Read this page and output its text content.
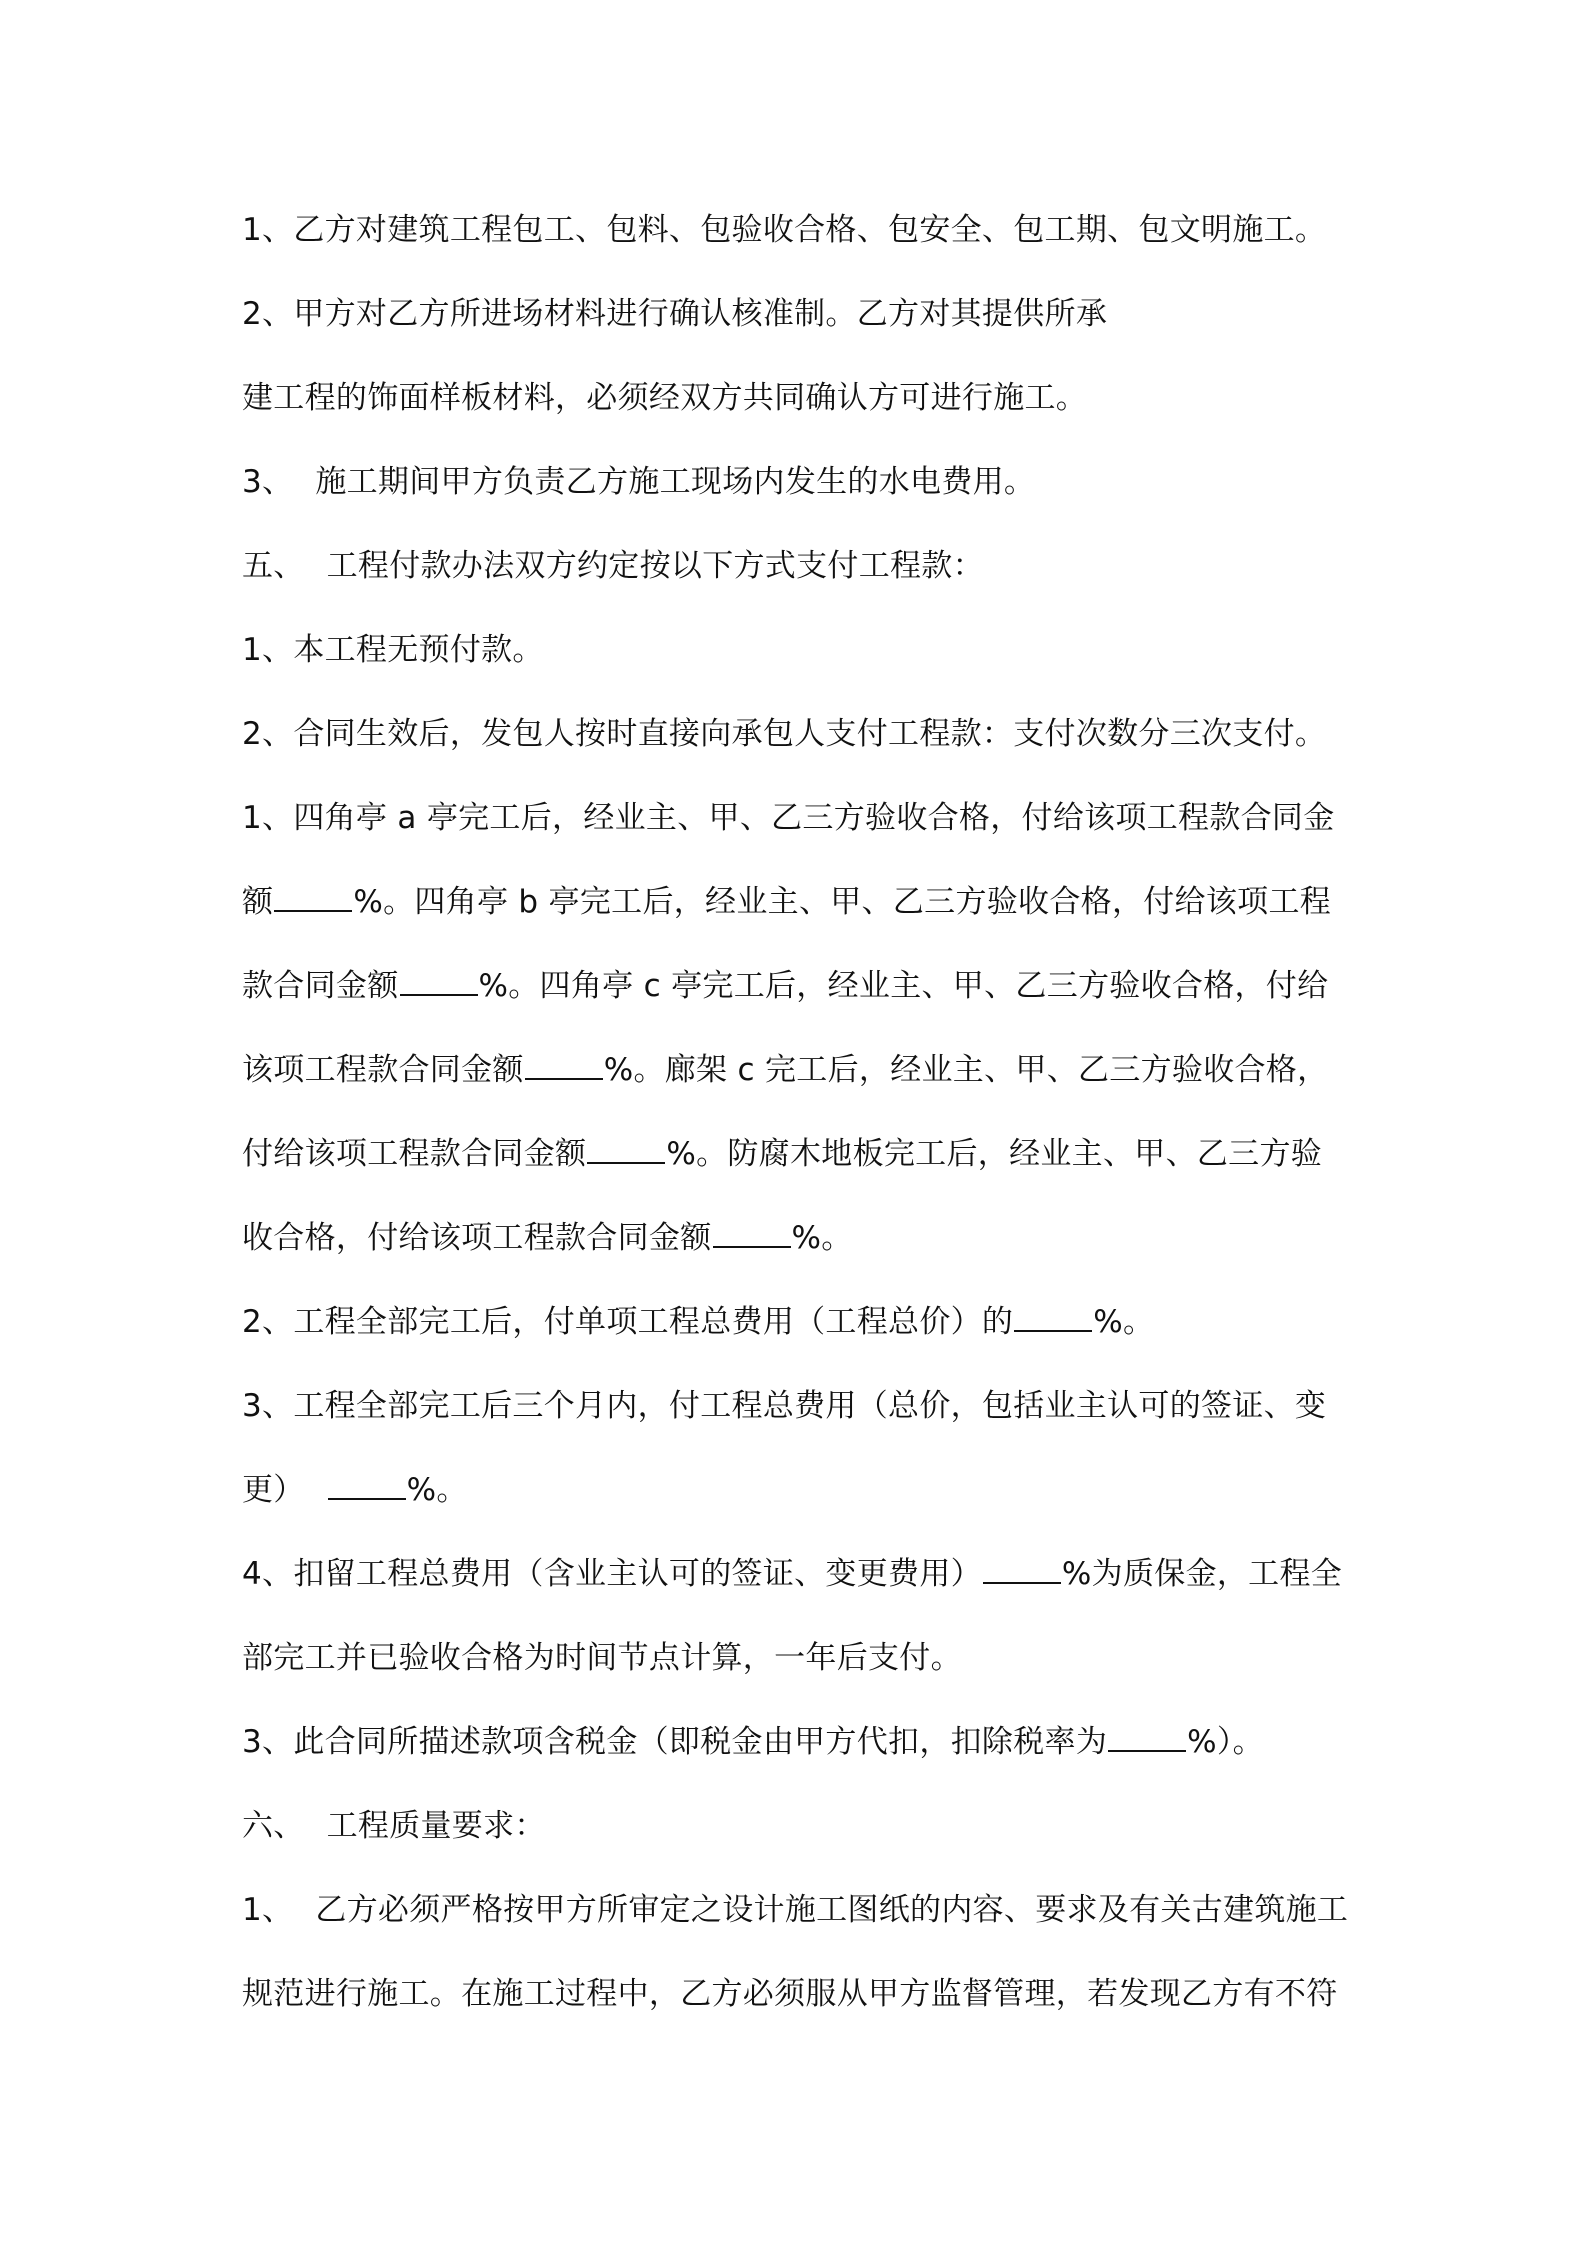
1、乙方对建筑工程包工、包料、包验收合格、包安全、包工期、包文明施工。
2、甲方对乙方所进场材料进行确认核准制。乙方对其提供所承
建工程的饰面样板材料，必须经双方共同确认方可进行施工。
3、 施工期间甲方负责乙方施工现场内发生的水电费用。
五、 工程付款办法双方约定按以下方式支付工程款：
1、本工程无预付款。
2、合同生效后，发包人按时直接向承包人支付工程款：支付次数分三次支付。
1、四角亭 a 亭完工后，经业主、甲、乙三方验收合格，付给该项工程款合同金
额	%。四角亭 b 亭完工后，经业主、甲、乙三方验收合格，付给该项工程
款合同金额	%。四角亭 c 亭完工后，经业主、甲、乙三方验收合格，付给
该项工程款合同金额	%。廊架 c 完工后，经业主、甲、乙三方验收合格，
付给该项工程款合同金额	%。防腐木地板完工后，经业主、甲、乙三方验
收合格，付给该项工程款合同金额	%。
2、工程全部完工后，付单项工程总费用（工程总价）的	%。
3、工程全部完工后三个月内，付工程总费用（总价，包括业主认可的签证、变
更）	%。
4、扣留工程总费用（含业主认可的签证、变更费用）	%为质保金，工程全
部完工并已验收合格为时间节点计算，一年后支付。
3、此合同所描述款项含税金（即税金由甲方代扣，扣除税率为	%）。
六、 工程质量要求：
1、 乙方必须严格按甲方所审定之设计施工图纸的内容、要求及有关古建筑施工
规范进行施工。在施工过程中，乙方必须服从甲方监督管理，若发现乙方有不符
